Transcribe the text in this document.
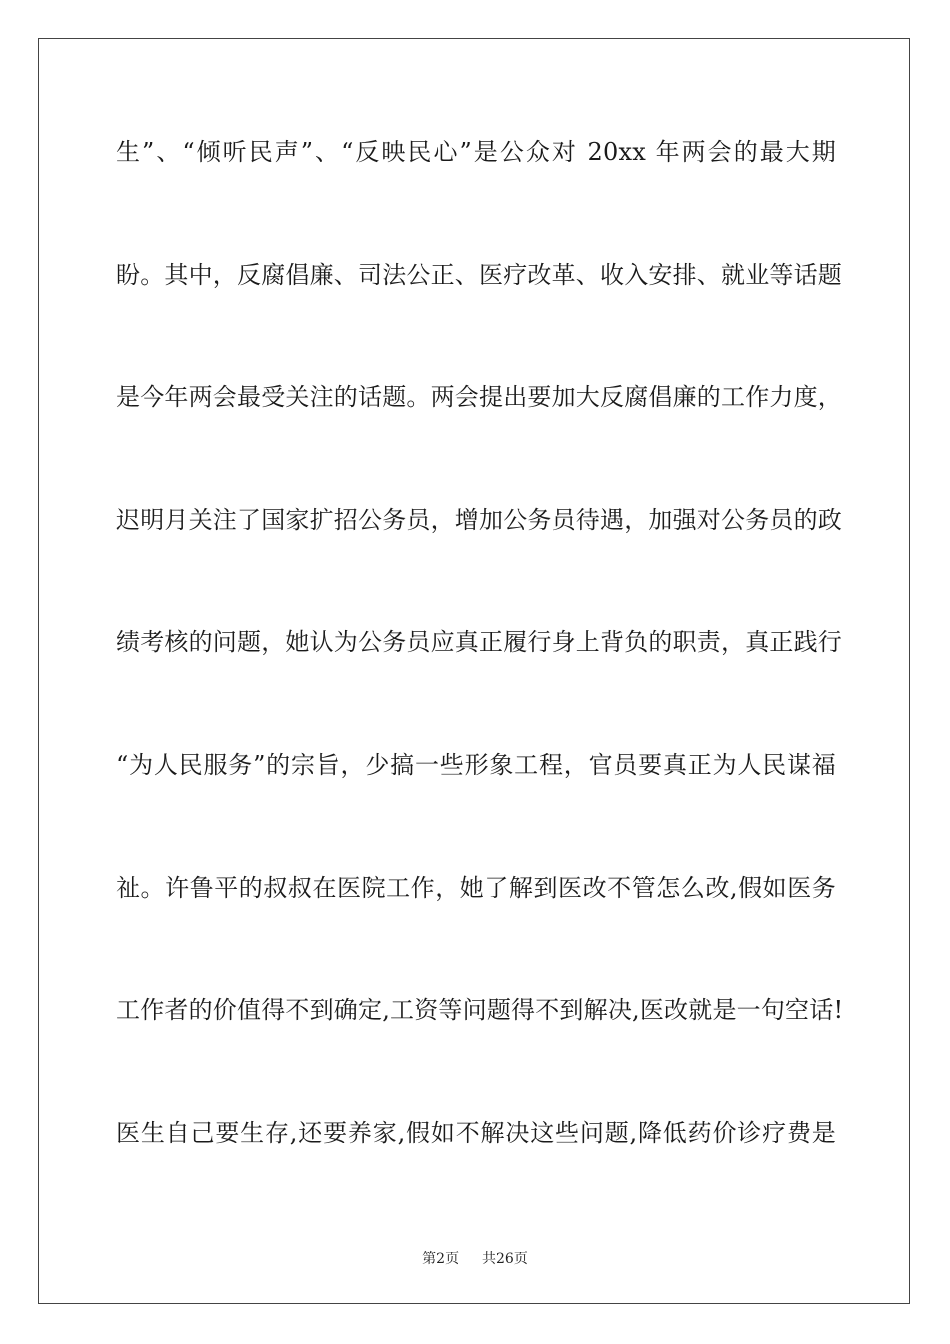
生”、“倾听民声”、“反映民心”是公众对 20xx 年两会的最大期
盼。其中，反腐倡廉、司法公正、医疗改革、收入安排、就业等话题
是今年两会最受关注的话题。两会提出要加大反腐倡廉的工作力度，
迟明月关注了国家扩招公务员，增加公务员待遇，加强对公务员的政
绩考核的问题，她认为公务员应真正履行身上背负的职责，真正践行
“为人民服务”的宗旨，少搞一些形象工程，官员要真正为人民谋福
祉。许鲁平的叔叔在医院工作，她了解到医改不管怎么改,假如医务
工作者的价值得不到确定,工资等问题得不到解决,医改就是一句空话!
医生自己要生存,还要养家,假如不解决这些问题,降低药价诊疗费是
第2页 共26页
